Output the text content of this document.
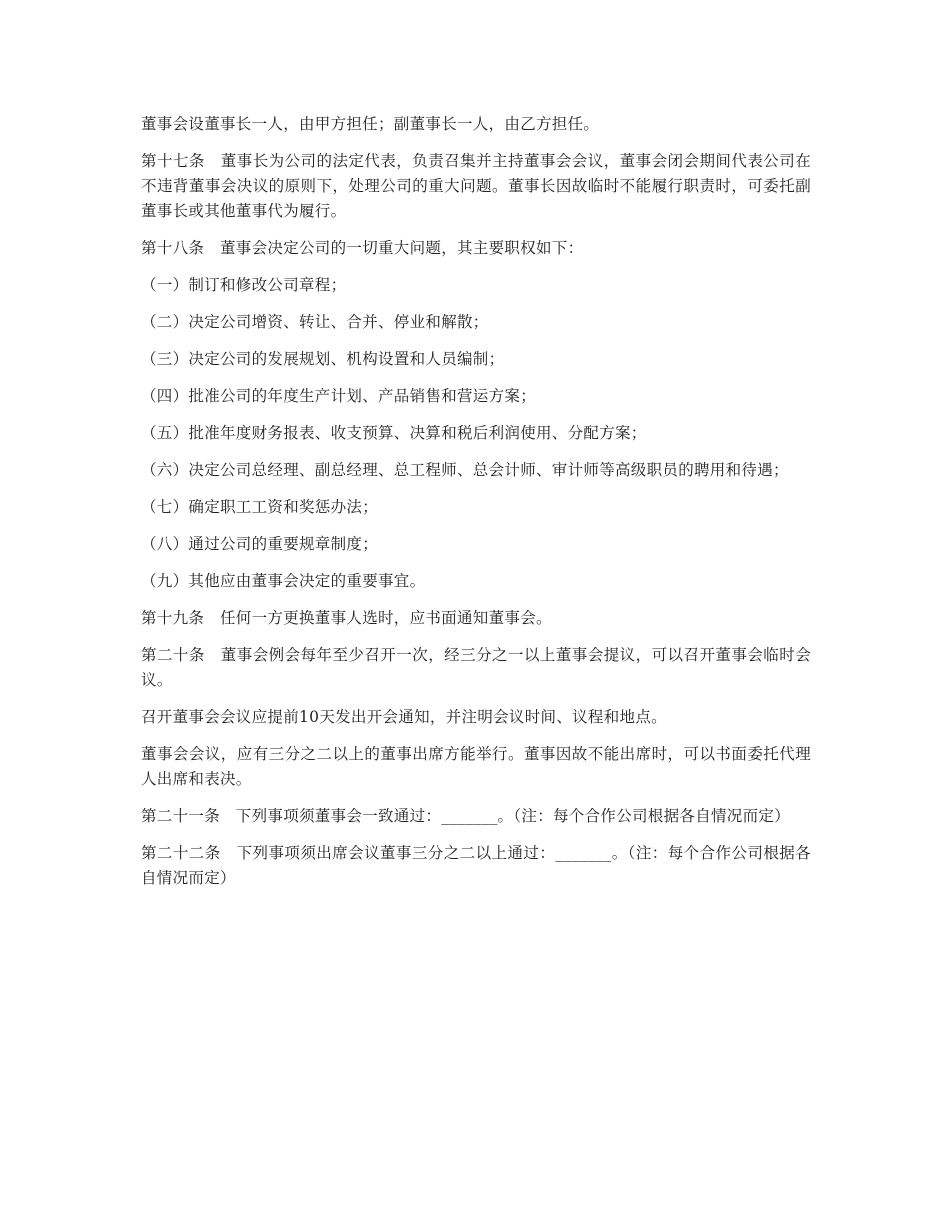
董事会设董事长一人，由甲方担任；副董事长一人，由乙方担任。

第十七条　董事长为公司的法定代表，负责召集并主持董事会会议，董事会闭会期间代表公司在不违背董事会决议的原则下，处理公司的重大问题。董事长因故临时不能履行职责时，可委托副董事长或其他董事代为履行。

第十八条　董事会决定公司的一切重大问题，其主要职权如下：

（一）制订和修改公司章程；

（二）决定公司增资、转让、合并、停业和解散；

（三）决定公司的发展规划、机构设置和人员编制；

（四）批准公司的年度生产计划、产品销售和营运方案；

（五）批准年度财务报表、收支预算、决算和税后利润使用、分配方案；

（六）决定公司总经理、副总经理、总工程师、总会计师、审计师等高级职员的聘用和待遇；

（七）确定职工工资和奖惩办法；

（八）通过公司的重要规章制度；

（九）其他应由董事会决定的重要事宜。

第十九条　任何一方更换董事人选时，应书面通知董事会。

第二十条　董事会例会每年至少召开一次，经三分之一以上董事会提议，可以召开董事会临时会议。

召开董事会会议应提前10天发出开会通知，并注明会议时间、议程和地点。

董事会会议，应有三分之二以上的董事出席方能举行。董事因故不能出席时，可以书面委托代理人出席和表决。

第二十一条　下列事项须董事会一致通过：_______。（注：每个合作公司根据各自情况而定）

第二十二条　下列事项须出席会议董事三分之二以上通过：_______。（注：每个合作公司根据各自情况而定）
